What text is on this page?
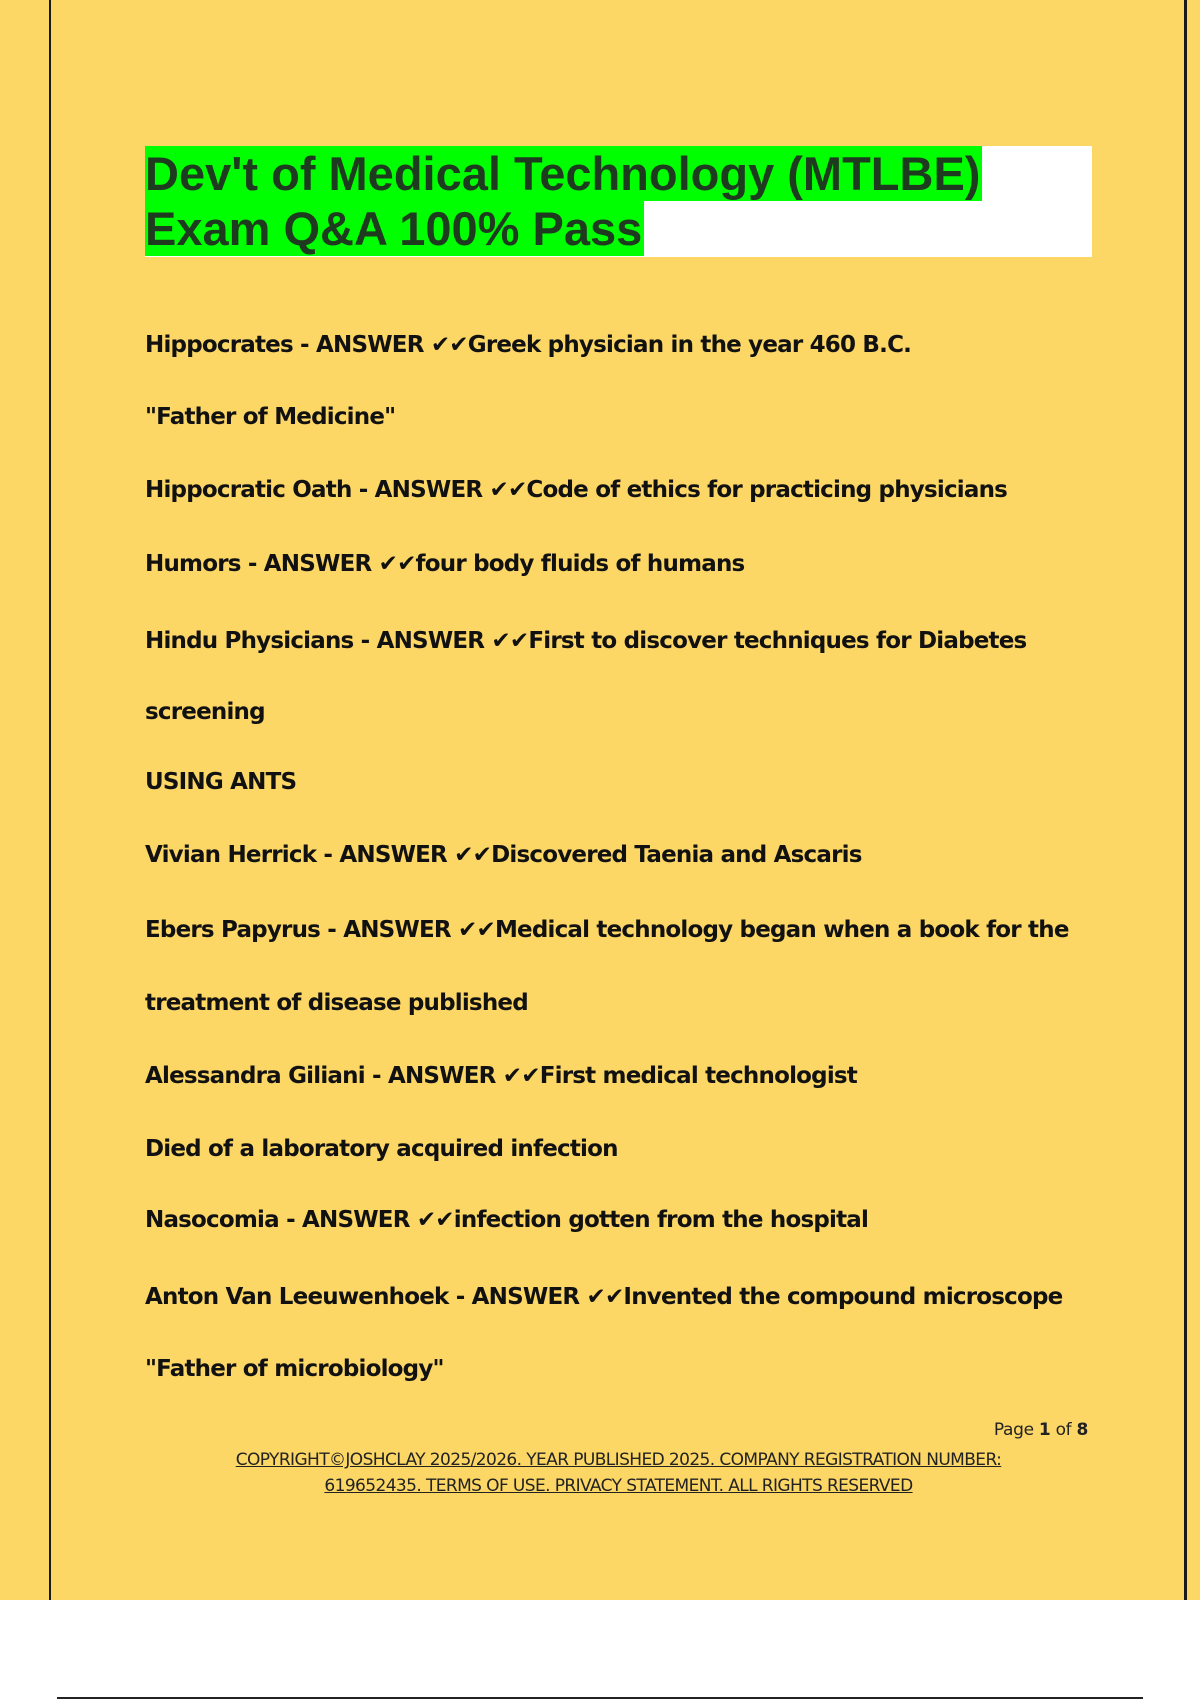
Dev't of Medical Technology (MTLBE)
Exam Q&A 100% Pass
Hippocrates - ANSWER ✔✔Greek physician in the year 460 B.C.
"Father of Medicine"
Hippocratic Oath - ANSWER ✔✔Code of ethics for practicing physicians
Humors - ANSWER ✔✔four body fluids of humans
Hindu Physicians - ANSWER ✔✔First to discover techniques for Diabetes
screening
USING ANTS
Vivian Herrick - ANSWER ✔✔Discovered Taenia and Ascaris
Ebers Papyrus - ANSWER ✔✔Medical technology began when a book for the
treatment of disease published
Alessandra Giliani - ANSWER ✔✔First medical technologist
Died of a laboratory acquired infection
Nasocomia - ANSWER ✔✔infection gotten from the hospital
Anton Van Leeuwenhoek - ANSWER ✔✔Invented the compound microscope
"Father of microbiology"
Page 1 of 8
COPYRIGHT©JOSHCLAY 2025/2026. YEAR PUBLISHED 2025. COMPANY REGISTRATION NUMBER:
619652435. TERMS OF USE. PRIVACY STATEMENT. ALL RIGHTS RESERVED
